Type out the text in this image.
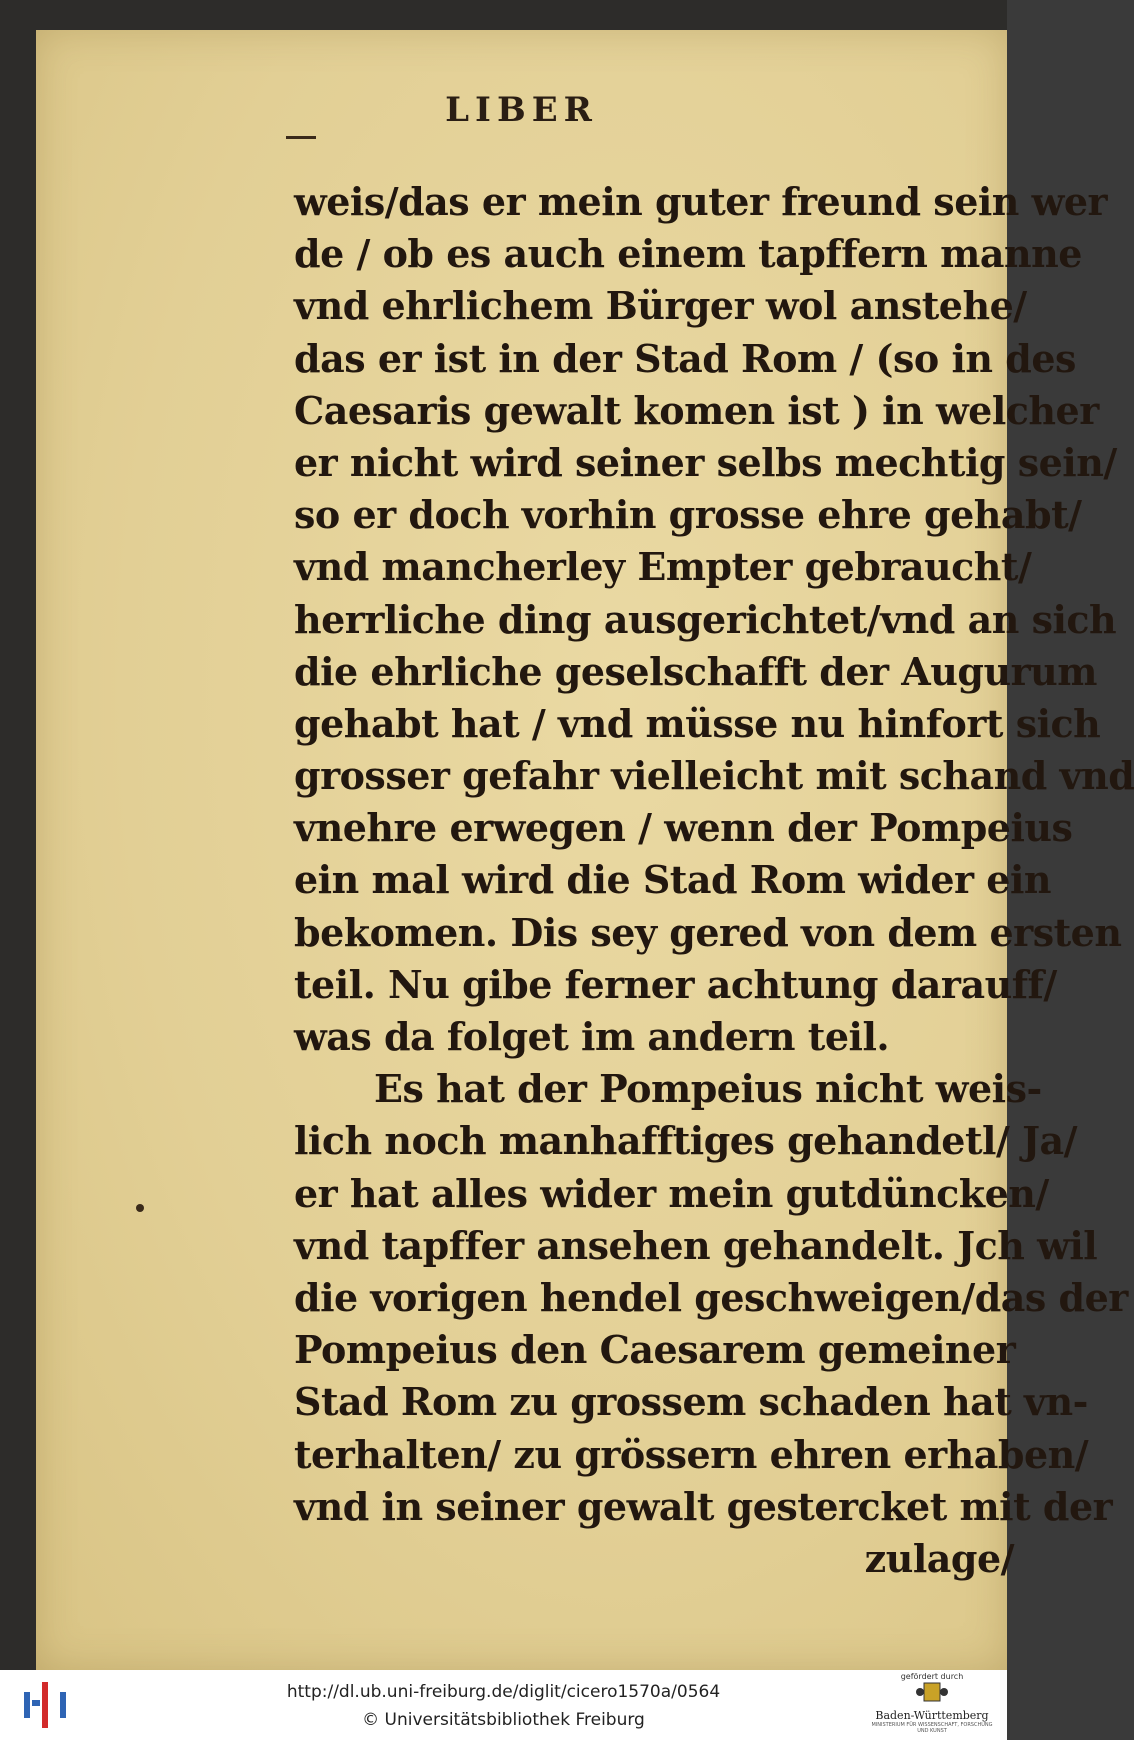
LIBER
weis/das er mein guter freund sein wer
de / ob es auch einem tapffern manne
vnd ehrlichem Bürger wol anstehe/
das er ist in der Stad Rom / (so in des
Caesaris gewalt komen ist ) in welcher
er nicht wird seiner selbs mechtig sein/
so er doch vorhin grosse ehre gehabt/
vnd mancherley Empter gebraucht/
herrliche ding ausgerichtet/vnd an sich
die ehrliche geselschafft der Augurum
gehabt hat / vnd müsse nu hinfort sich
grosser gefahr vielleicht mit schand vnd
vnehre erwegen / wenn der Pompeius
ein mal wird die Stad Rom wider ein
bekomen. Dis sey gered von dem ersten
teil. Nu gibe ferner achtung darauff/
was da folget im andern teil.
Es hat der Pompeius nicht weis-
lich noch manhafftiges gehandetl/ Ja/
er hat alles wider mein gutdüncken/
vnd tapffer ansehen gehandelt. Jch wil
die vorigen hendel geschweigen/das der
Pompeius den Caesarem gemeiner
Stad Rom zu grossem schaden hat vn-
terhalten/ zu grössern ehren erhaben/
vnd in seiner gewalt gestercket mit der
zulage/
http://dl.ub.uni-freiburg.de/diglit/cicero1570a/0564
© Universitätsbibliothek Freiburg
gefördert durch
Baden-Württemberg
MINISTERIUM FÜR WISSENSCHAFT, FORSCHUNG UND KUNST
